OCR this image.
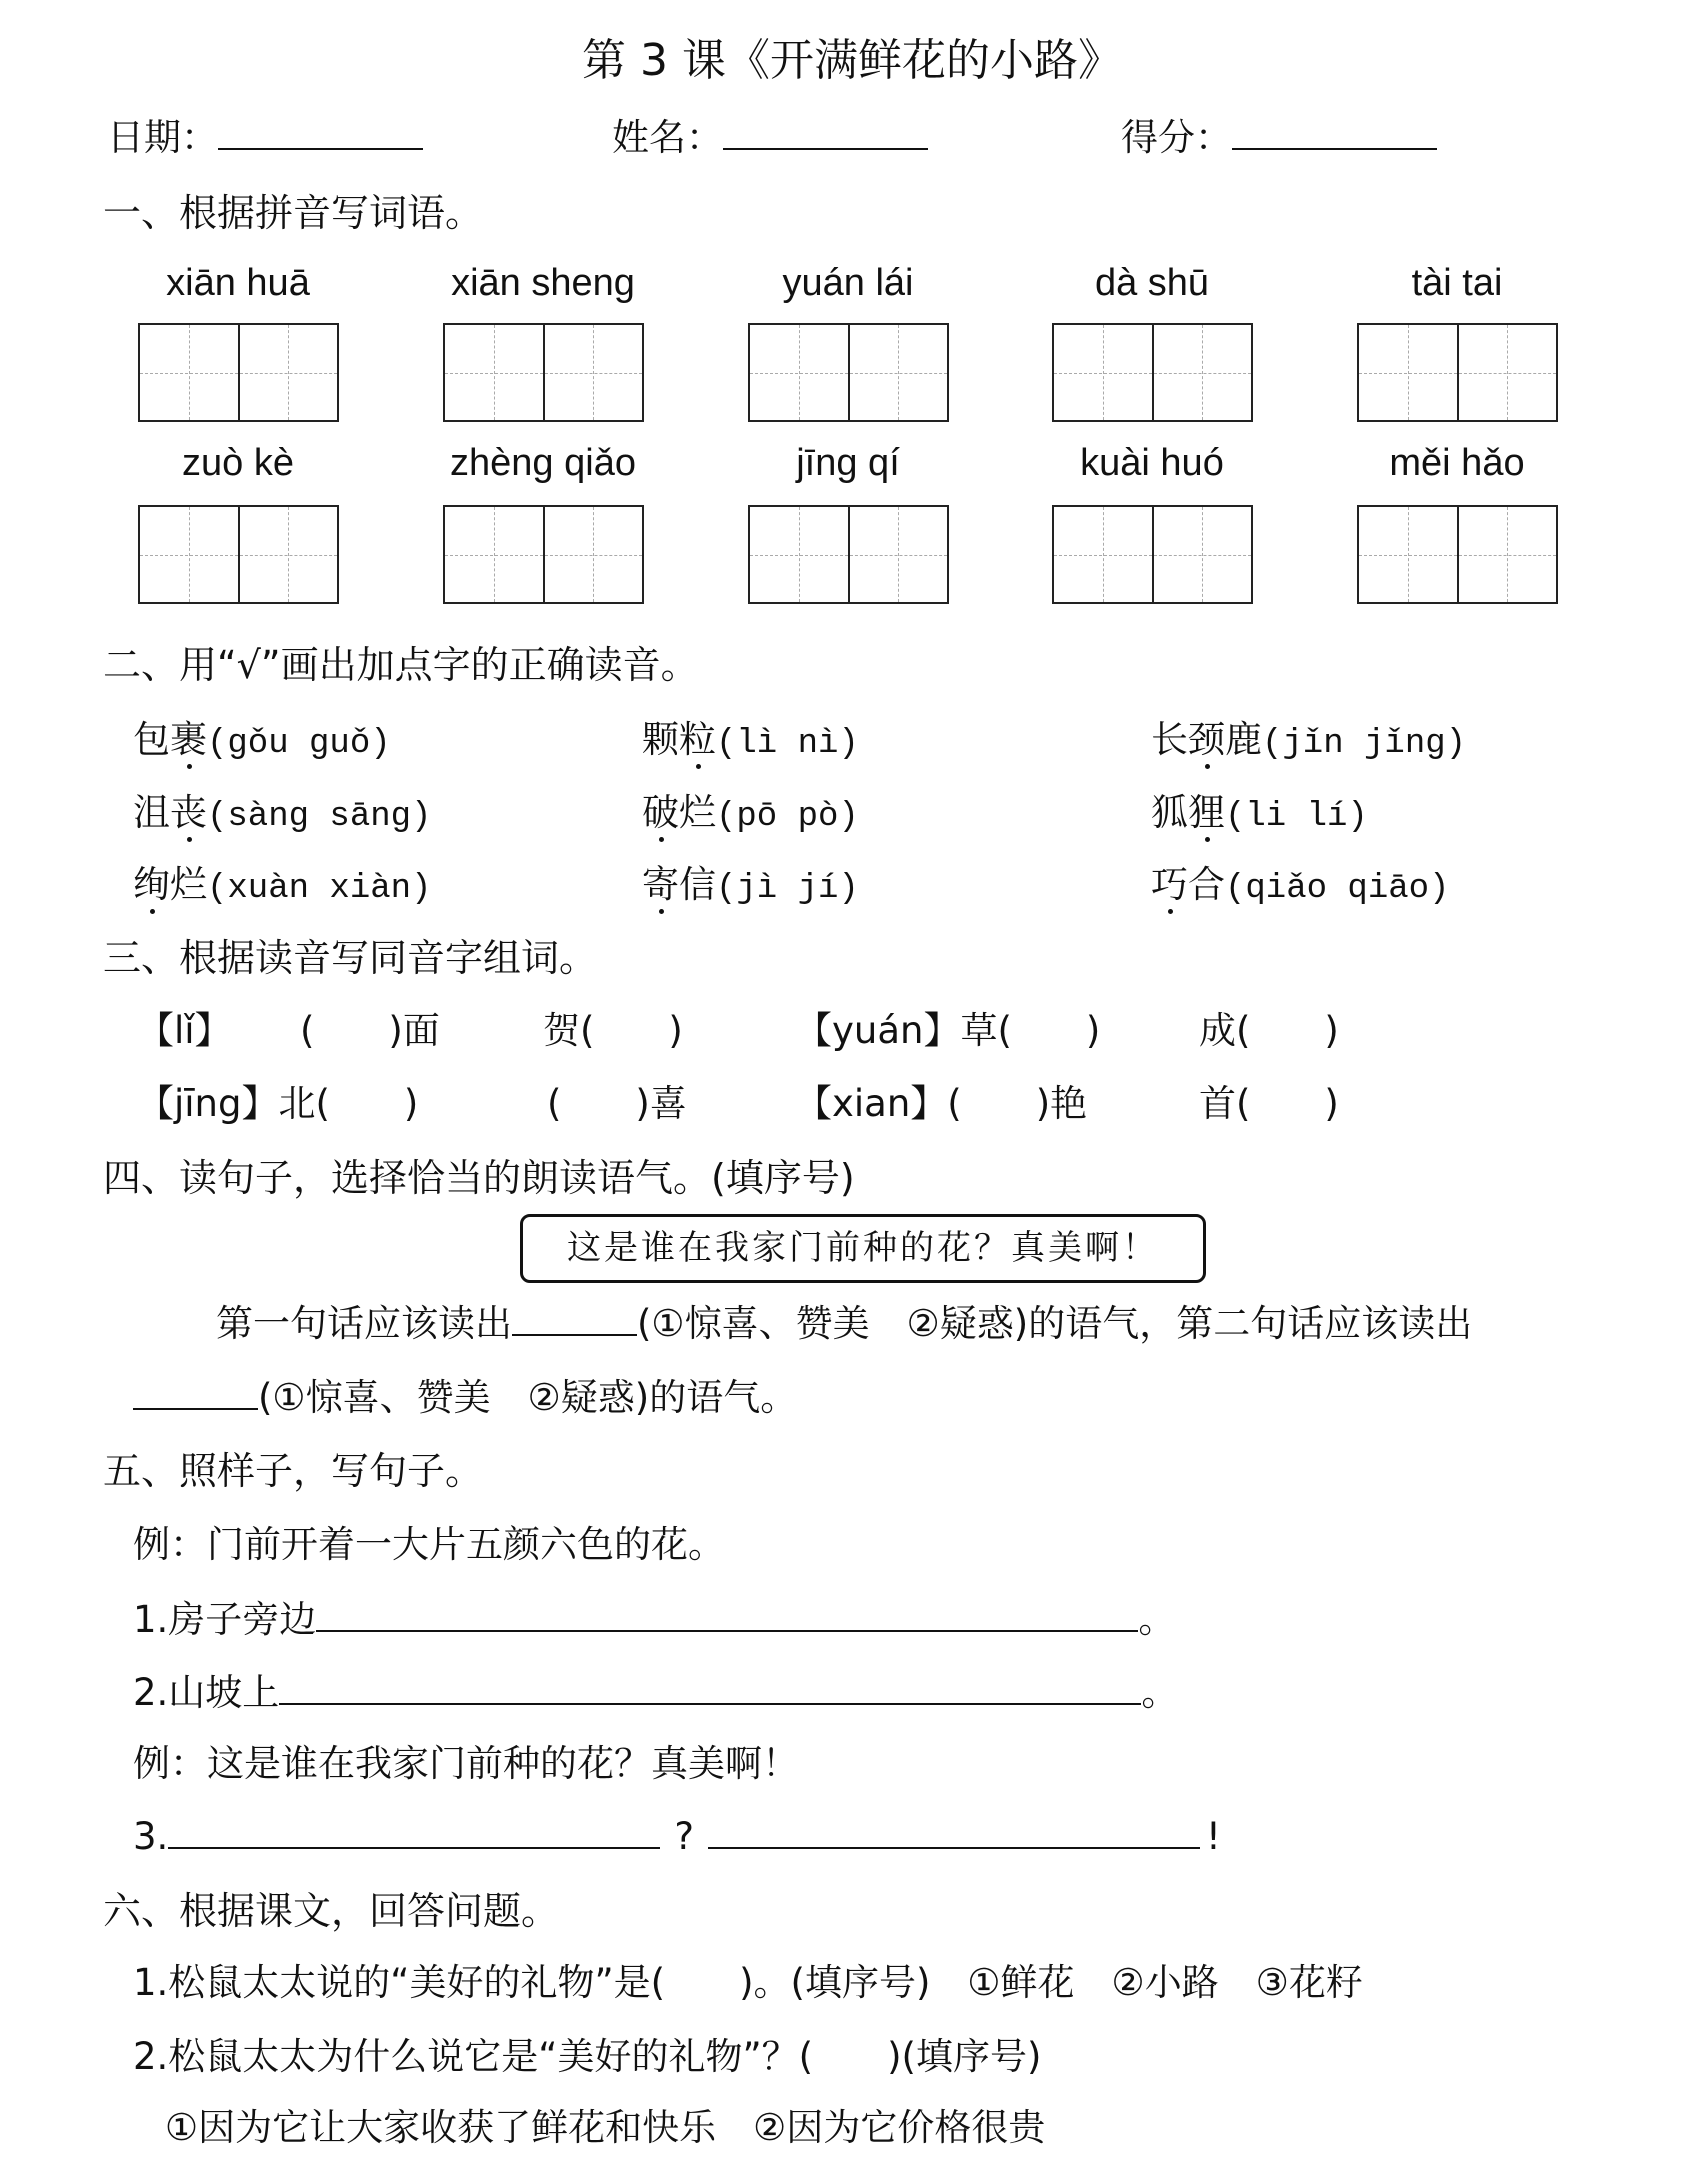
第 3 课《开满鲜花的小路》
日期：	姓名：	得分：
一、根据拼音写词语。
xiān huā	xiān sheng	yuán lái	dà shū	tài tai
zuò kè	zhèng qiǎo	jīng qí	kuài huó	měi hǎo
二、用“√”画出加点字的正确读音。
包裹(gǒu guǒ)	颗粒(lì nì)	长颈鹿(jǐn jǐng)
沮丧(sàng sāng)	破烂(pō pò)	狐狸(li lí)
绚烂(xuàn xiàn)	寄信(jì jí)	巧合(qiǎo qiāo)
三、根据读音写同音字组词。
【lǐ】 (　　)面	贺(　　)	【yuán】草(　　)	成(　　)
【jīng】北(　　)	(　　)喜	【xian】(　　)艳	首(　　)
四、读句子，选择恰当的朗读语气。(填序号)
这是谁在我家门前种的花？真美啊！
第一句话应该读出	(①惊喜、赞美　②疑惑)的语气，第二句话应该读出
(①惊喜、赞美　②疑惑)的语气。
五、照样子，写句子。
例：门前开着一大片五颜六色的花。
1.房子旁边	。
2.山坡上	。
例：这是谁在我家门前种的花？真美啊！
3.	?	!
六、根据课文，回答问题。
1.松鼠太太说的“美好的礼物”是(　　)。(填序号)　①鲜花　②小路　③花籽
2.松鼠太太为什么说它是“美好的礼物”？(　　)(填序号)
①因为它让大家收获了鲜花和快乐　②因为它价格很贵
